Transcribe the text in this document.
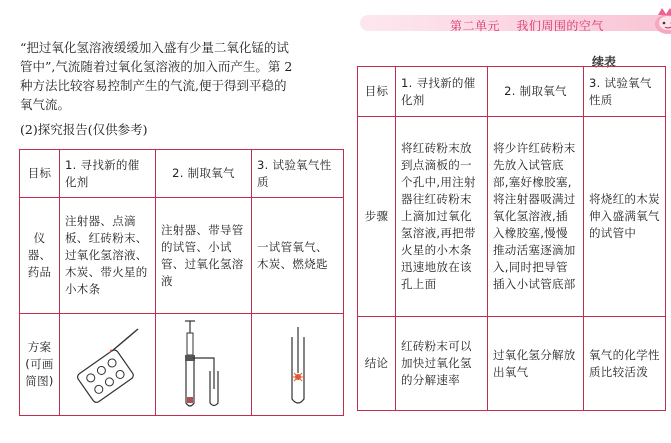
第二单元 我们周围的空气

“把过氧化氢溶液缓缓加入盛有少量二氧化锰的试

管中”,气流随着过氧化氢溶液的加入而产生。第 2

种方法比较容易控制产生的气流,便于得到平稳的

氧气流。

(2)探究报告(仅供参考)
目标	1. 寻找新的催化剂	2. 制取氧气	3. 试验氧气性质
仪器、药品	注射器、点滴板、红砖粉末、过氧化氢溶液、木炭、带火星的小木条	注射器、带导管的试管、小试管、过氧化氢溶液	一试管氧气、木炭、燃烧匙
方案(可画简图)	

续表
目标	1. 寻找新的催化剂	2. 制取氧气	3. 试验氧气性质
步骤	将红砖粉末放到点滴板的一个孔中,用注射器往红砖粉末上滴加过氧化氢溶液,再把带火星的小木条迅速地放在该孔上面	将少许红砖粉末先放入试管底部,塞好橡胶塞,将注射器吸满过氧化氢溶液,插入橡胶塞,慢慢推动活塞逐滴加入,同时把导管插入小试管底部	将烧红的木炭伸入盛满氧气的试管中
结论	红砖粉末可以加快过氧化氢的分解速率	过氧化氢分解放出氧气	氧气的化学性质比较活泼
